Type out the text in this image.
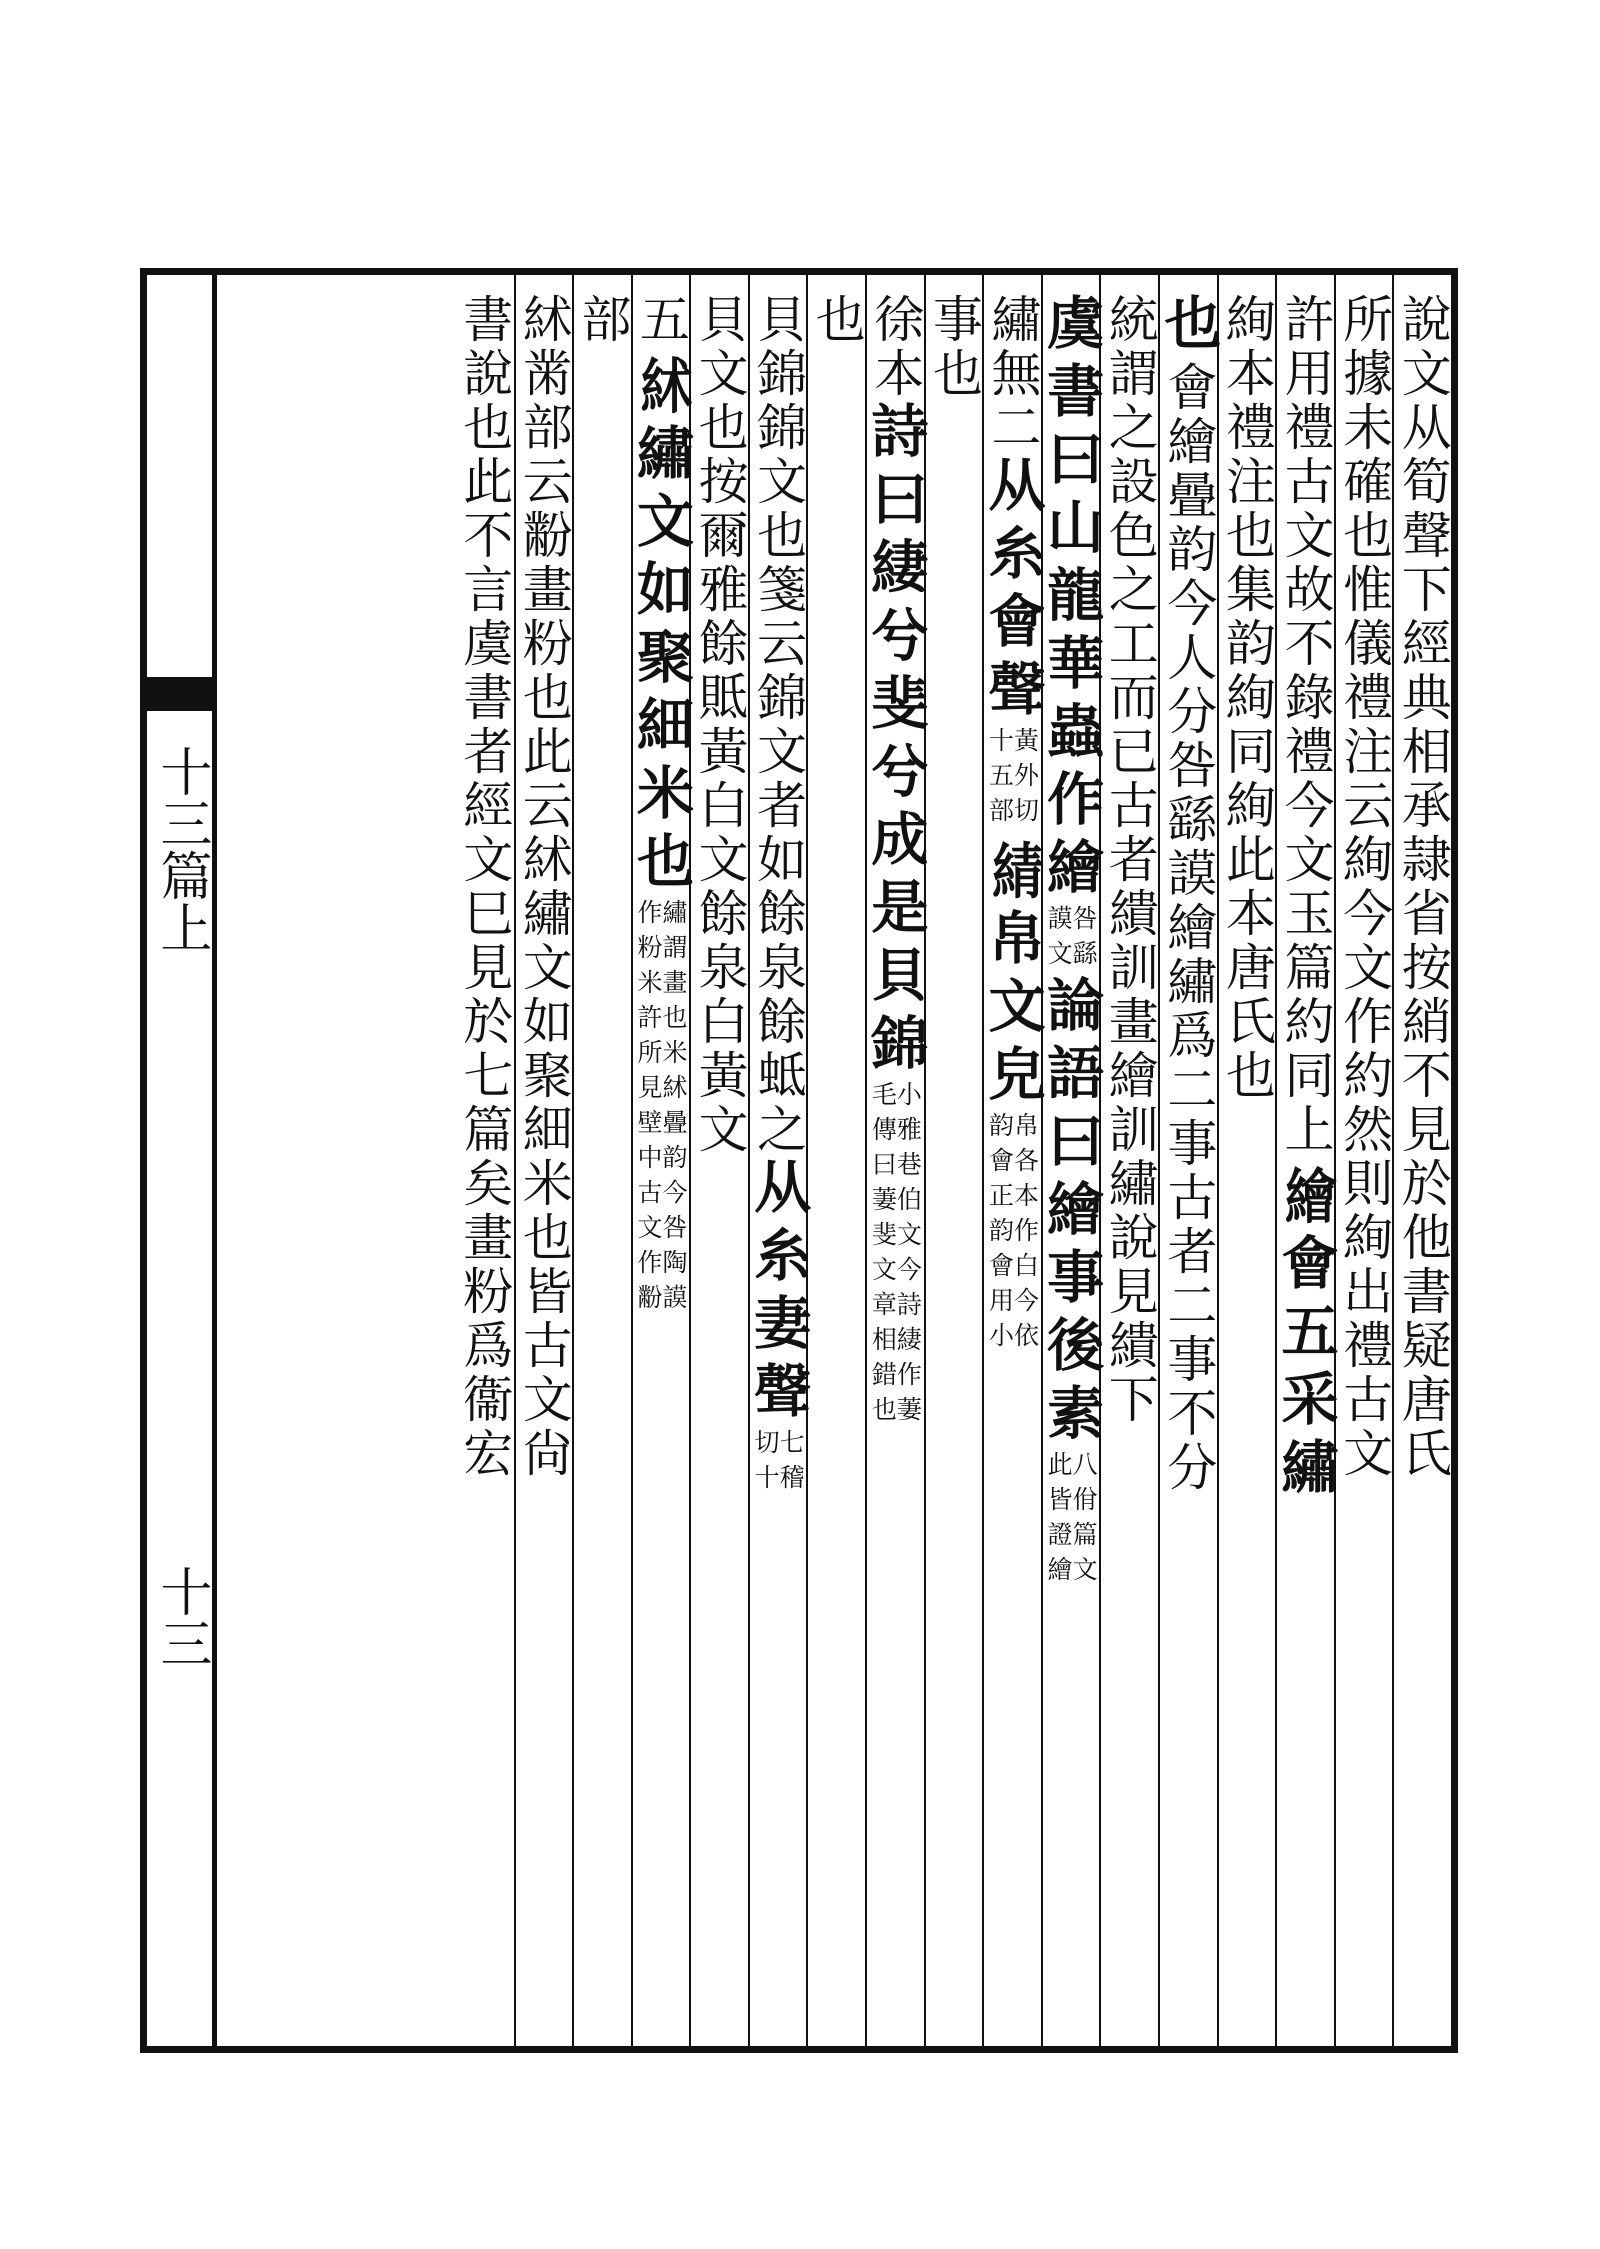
十三篇上
十三
說文从筍聲下經典相承隷省按綃不見於他書疑唐氏
所據未確也惟儀禮注云絢今文作約然則絢出禮古文
許用禮古文故不錄禮今文玉篇約同上
繪
會五采繡
絢本禮注也集韵絢同絢此本唐氏也
也
會繪曡韵今人分咎繇謨繪繡爲二事古者二事不分
統謂之設色之工而已古者繢訓畫繪訓繡說見繢下
虞書曰山龍華蟲作繪
謨文
咎繇
論語曰繪事後素
此皆證繪
八佾篇文
繡無二
从糸會聲
十五部
黃外切
綪
帛文皃
韵會正韵會用小
帛各本作白今依
事也
徐本
詩曰緀兮斐兮成是貝錦
毛傳曰萋斐文章相錯也
小雅巷伯文今詩緀作萋
也
貝錦錦文也箋云錦文者如餘泉餘蚳之
从糸妻聲
切十
七稽
貝文也按爾雅餘貾黃白文餘泉白黃文
五
絉
繡文如聚細米也
作粉米許所見壁中古文作黺
繡謂畫也米絉曡韵今咎陶謨
部
絉黹部云黺畫粉也此云絉繡文如聚細米也皆古文尙
書說也此不言虞書者經文巳見於七篇矣畫粉爲衞宏
